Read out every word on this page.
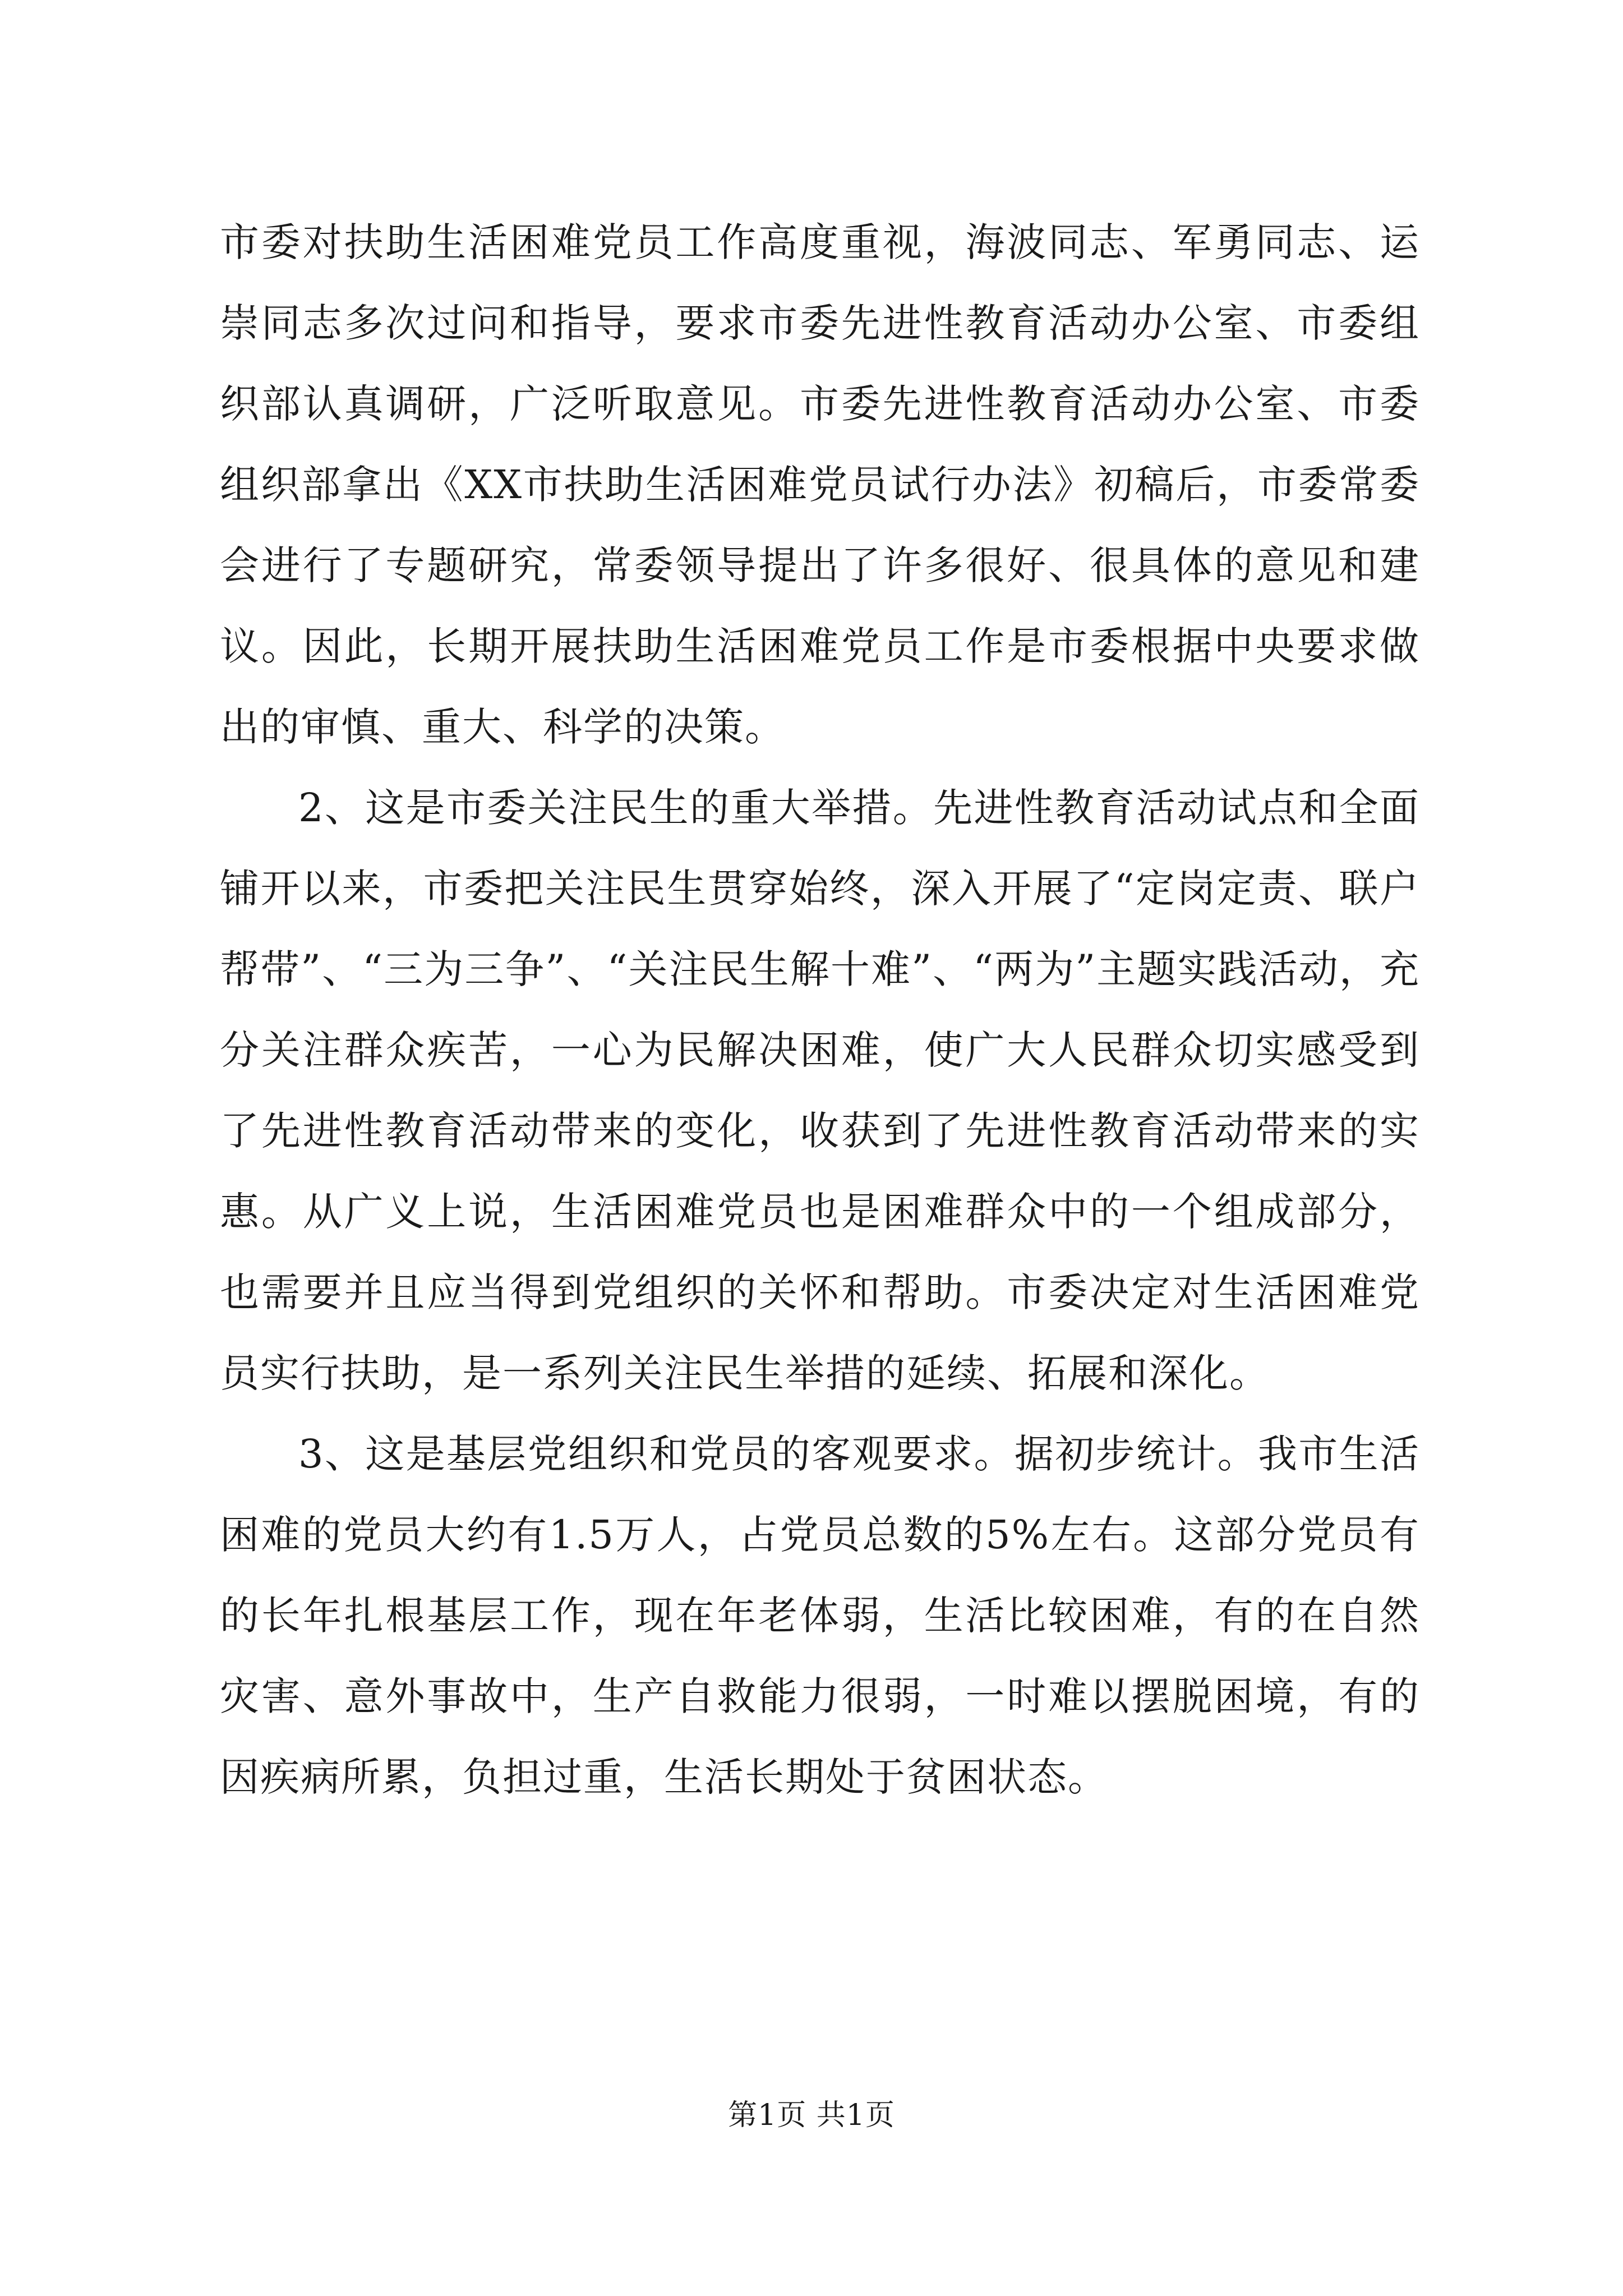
市委对扶助生活困难党员工作高度重视，海波同志、军勇同志、运崇同志多次过问和指导，要求市委先进性教育活动办公室、市委组织部认真调研，广泛听取意见。市委先进性教育活动办公室、市委组织部拿出《XX市扶助生活困难党员试行办法》初稿后，市委常委会进行了专题研究，常委领导提出了许多很好、很具体的意见和建议。因此，长期开展扶助生活困难党员工作是市委根据中央要求做出的审慎、重大、科学的决策。

2、这是市委关注民生的重大举措。先进性教育活动试点和全面铺开以来，市委把关注民生贯穿始终，深入开展了“定岗定责、联户帮带”、“三为三争”、“关注民生解十难”、“两为”主题实践活动，充分关注群众疾苦，一心为民解决困难，使广大人民群众切实感受到了先进性教育活动带来的变化，收获到了先进性教育活动带来的实惠。从广义上说，生活困难党员也是困难群众中的一个组成部分，也需要并且应当得到党组织的关怀和帮助。市委决定对生活困难党员实行扶助，是一系列关注民生举措的延续、拓展和深化。

3、这是基层党组织和党员的客观要求。据初步统计。我市生活困难的党员大约有1.5万人，占党员总数的5%左右。这部分党员有的长年扎根基层工作，现在年老体弱，生活比较困难，有的在自然灾害、意外事故中，生产自救能力很弱，一时难以摆脱困境，有的因疾病所累，负担过重，生活长期处于贫困状态。

第1页 共1页
